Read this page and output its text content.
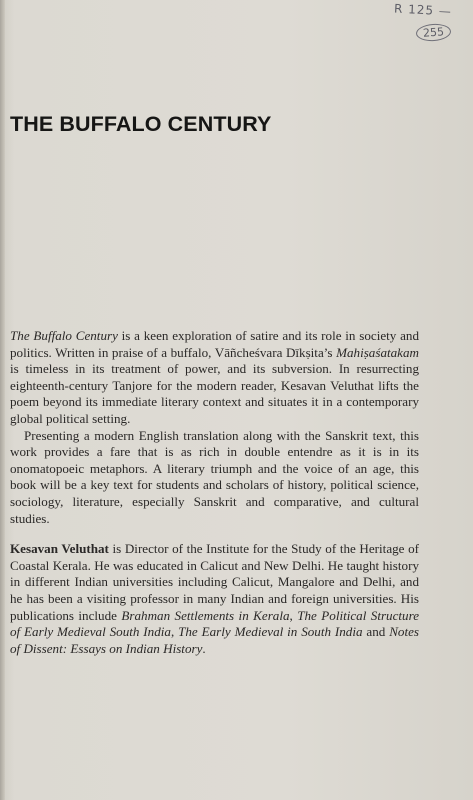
R 125 —
255
THE BUFFALO CENTURY

The Buffalo Century is a keen exploration of satire and its role in society and politics. Written in praise of a buffalo, Vāñcheśvara Dīkṣita’s Mahiṣaśatakam is timeless in its treatment of power, and its subversion. In resurrecting eighteenth-century Tanjore for the modern reader, Kesavan Veluthat lifts the poem beyond its immediate literary context and situates it in a contemporary global political setting.

Presenting a modern English translation along with the Sanskrit text, this work provides a fare that is as rich in double entendre as it is in its onomatopoeic metaphors. A literary triumph and the voice of an age, this book will be a key text for students and scholars of history, political science, sociology, literature, especially Sanskrit and comparative, and cultural studies.

Kesavan Veluthat is Director of the Institute for the Study of the Heritage of Coastal Kerala. He was educated in Calicut and New Delhi. He taught history in different Indian universities including Calicut, Mangalore and Delhi, and he has been a visiting professor in many Indian and foreign universities. His publications include Brahman Settlements in Kerala, The Political Structure of Early Medieval South India, The Early Medieval in South India and Notes of Dissent: Essays on Indian History.
